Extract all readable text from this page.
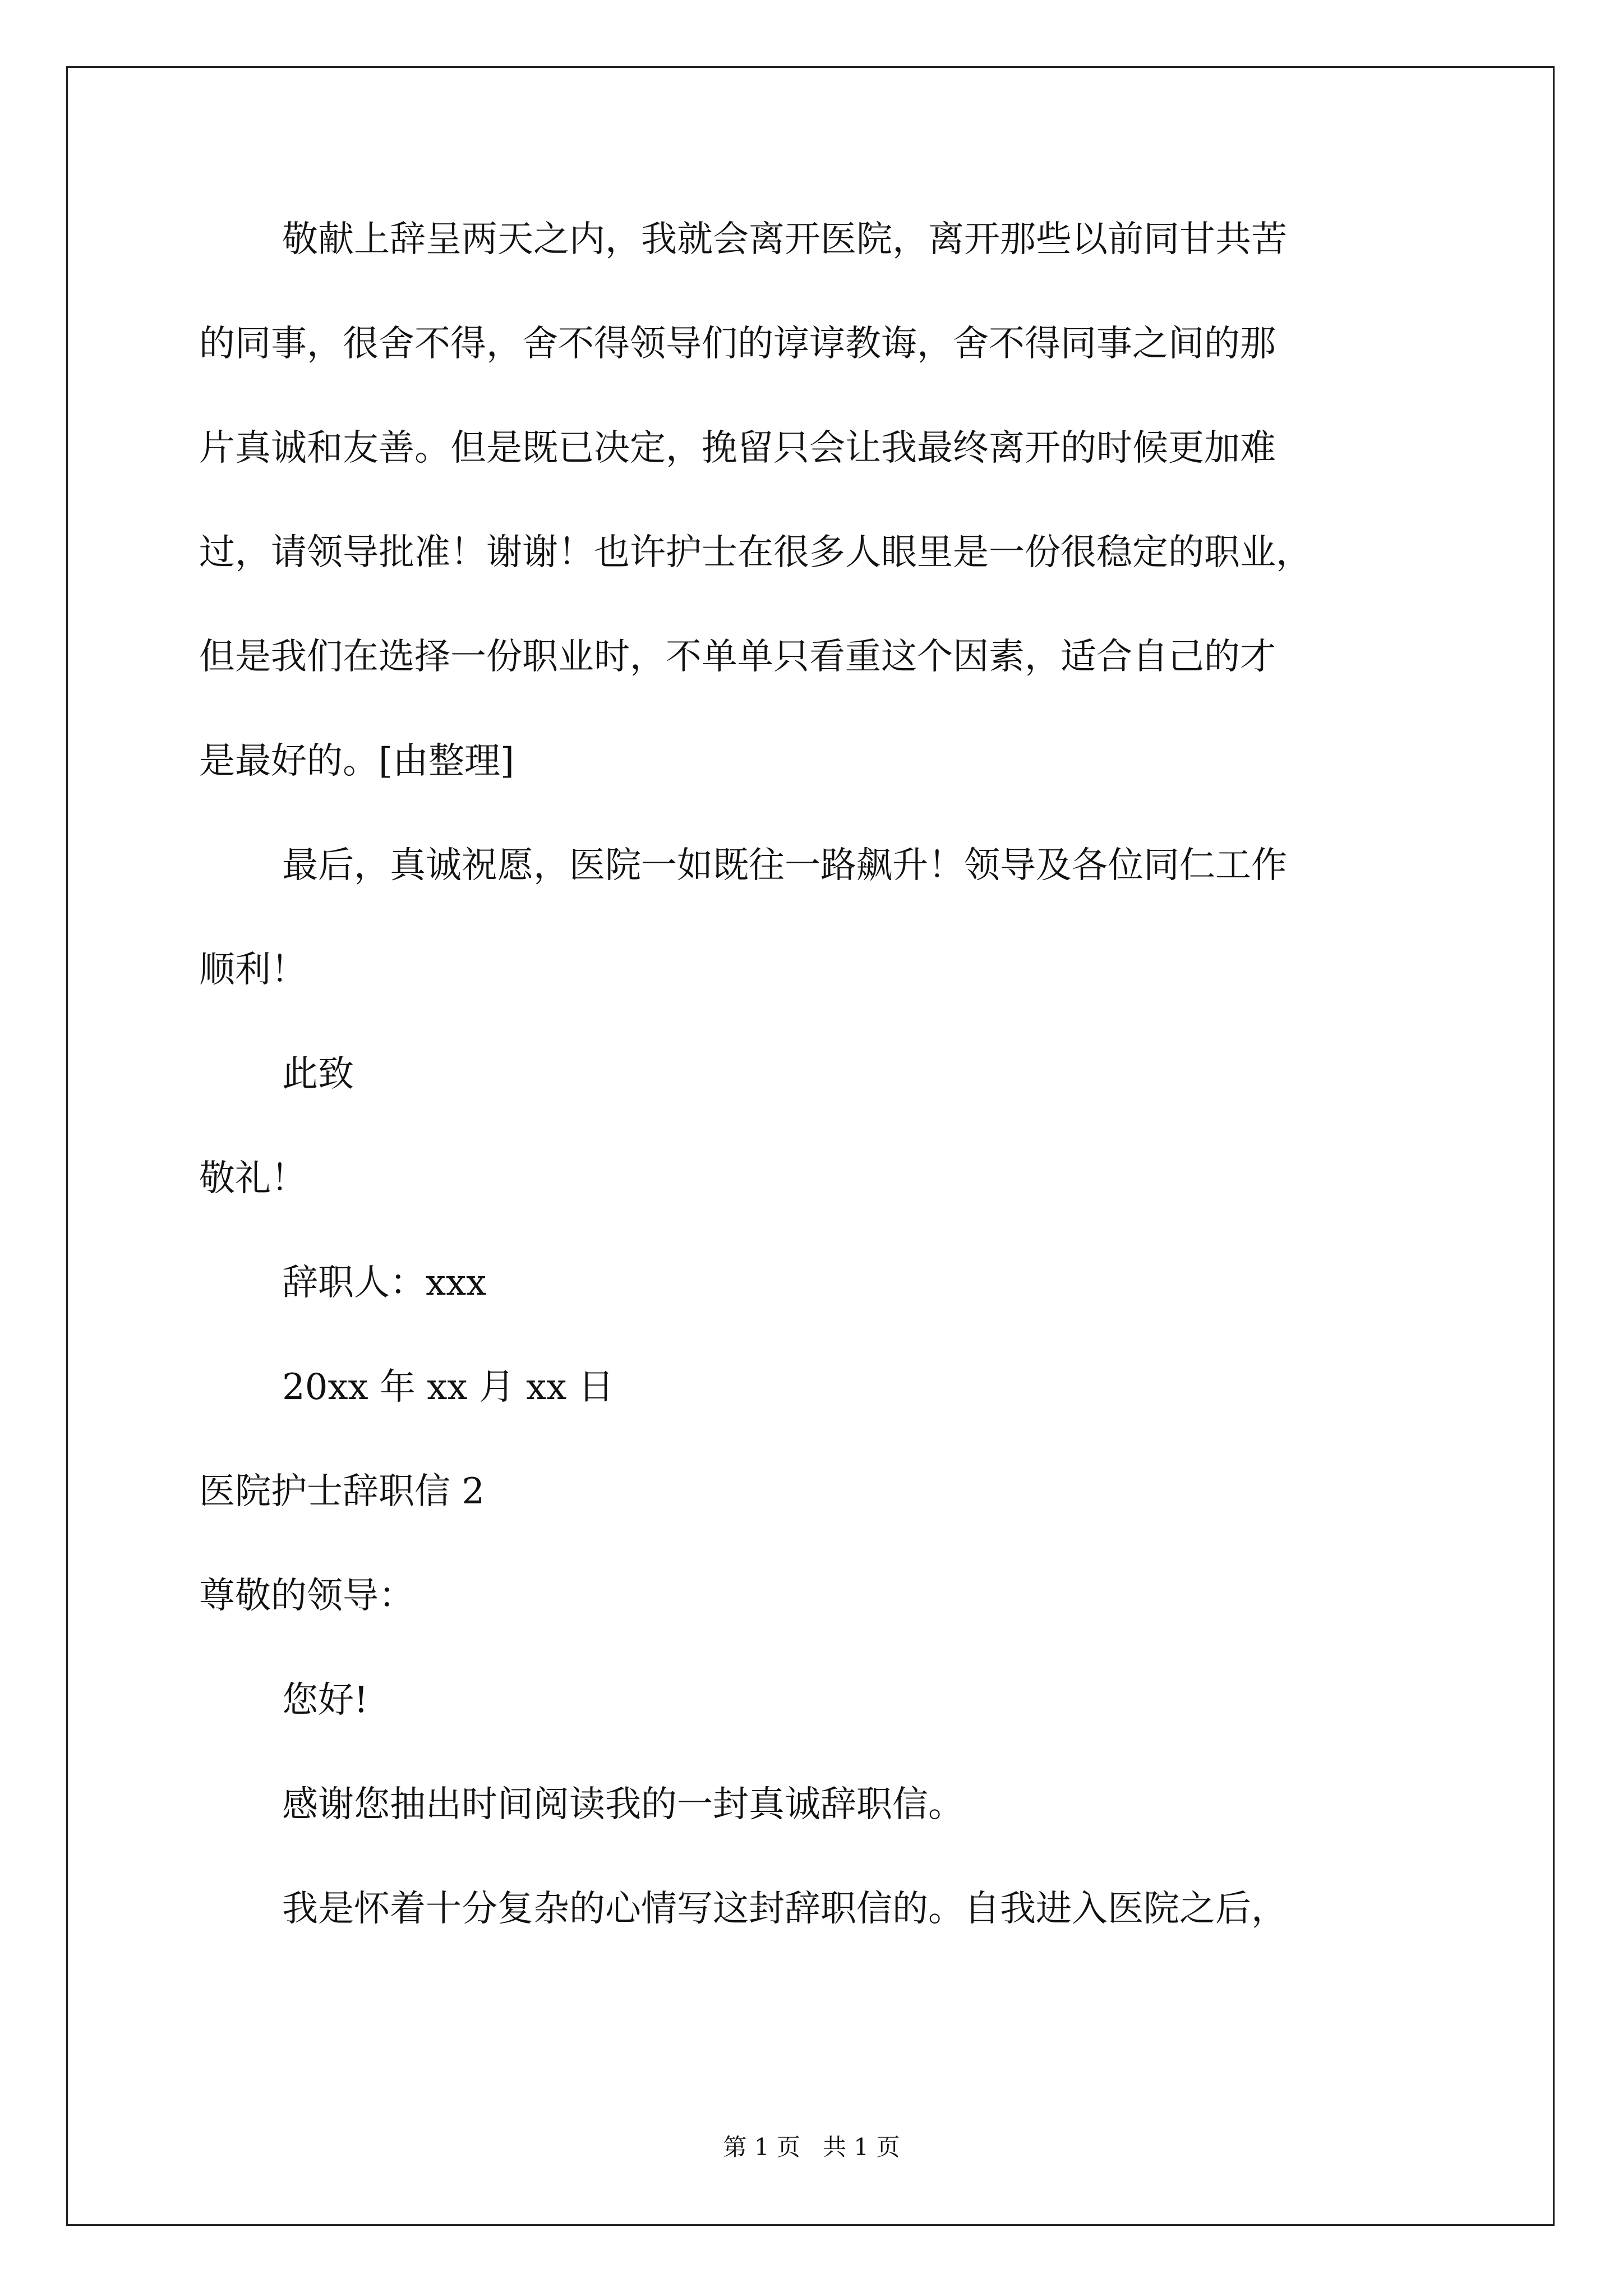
敬献上辞呈两天之内，我就会离开医院，离开那些以前同甘共苦

的同事，很舍不得，舍不得领导们的谆谆教诲，舍不得同事之间的那

片真诚和友善。但是既已决定，挽留只会让我最终离开的时候更加难

过，请领导批准！谢谢！也许护士在很多人眼里是一份很稳定的职业，

但是我们在选择一份职业时，不单单只看重这个因素，适合自己的才

是最好的。[由整理]

最后，真诚祝愿，医院一如既往一路飙升！领导及各位同仁工作

顺利！

此致

敬礼！

辞职人：xxx

20xx 年 xx 月 xx 日

医院护士辞职信 2

尊敬的领导：

您好!

感谢您抽出时间阅读我的一封真诚辞职信。

我是怀着十分复杂的心情写这封辞职信的。自我进入医院之后，

第 1 页   共 1 页
